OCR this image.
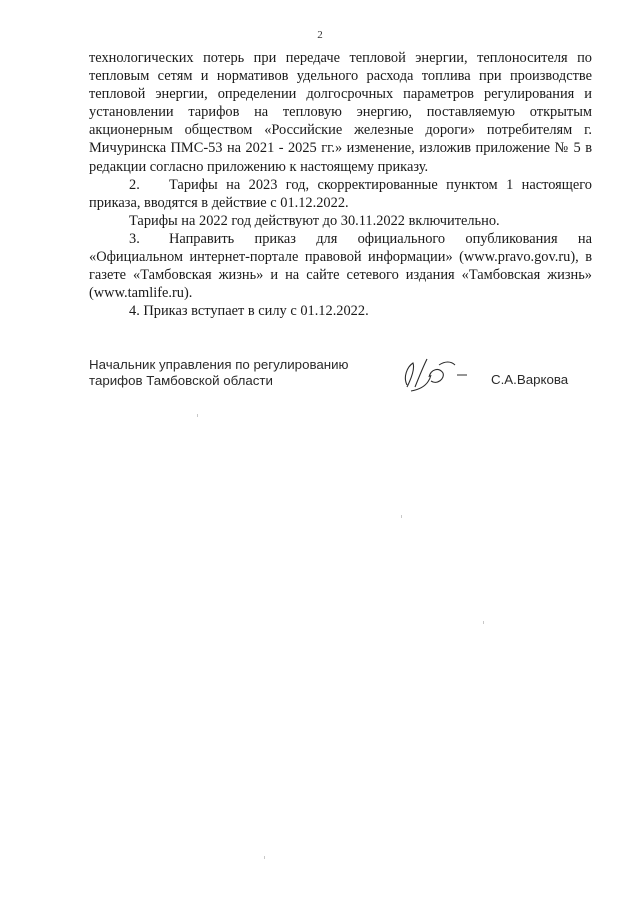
2

технологических потерь при передаче тепловой энергии, теплоносителя по тепловым сетям и нормативов удельного расхода топлива при производстве тепловой энергии, определении долгосрочных параметров регулирования и установлении тарифов на тепловую энергию, поставляемую открытым акционерным обществом «Российские железные дороги» потребителям г. Мичуринска ПМС-53 на 2021 - 2025 гг.» изменение, изложив приложение № 5 в редакции согласно приложению к настоящему приказу.

2. Тарифы на 2023 год, скорректированные пунктом 1 настоящего приказа, вводятся в действие с 01.12.2022.

Тарифы на 2022 год действуют до 30.11.2022 включительно.

3. Направить приказ для официального опубликования на «Официальном интернет-портале правовой информации» (www.pravo.gov.ru), в газете «Тамбовская жизнь» и на сайте сетевого издания «Тамбовская жизнь» (www.tamlife.ru).

4. Приказ вступает в силу с 01.12.2022.

Начальник управления по регулированию
тарифов Тамбовской области	С.А.Варкова
